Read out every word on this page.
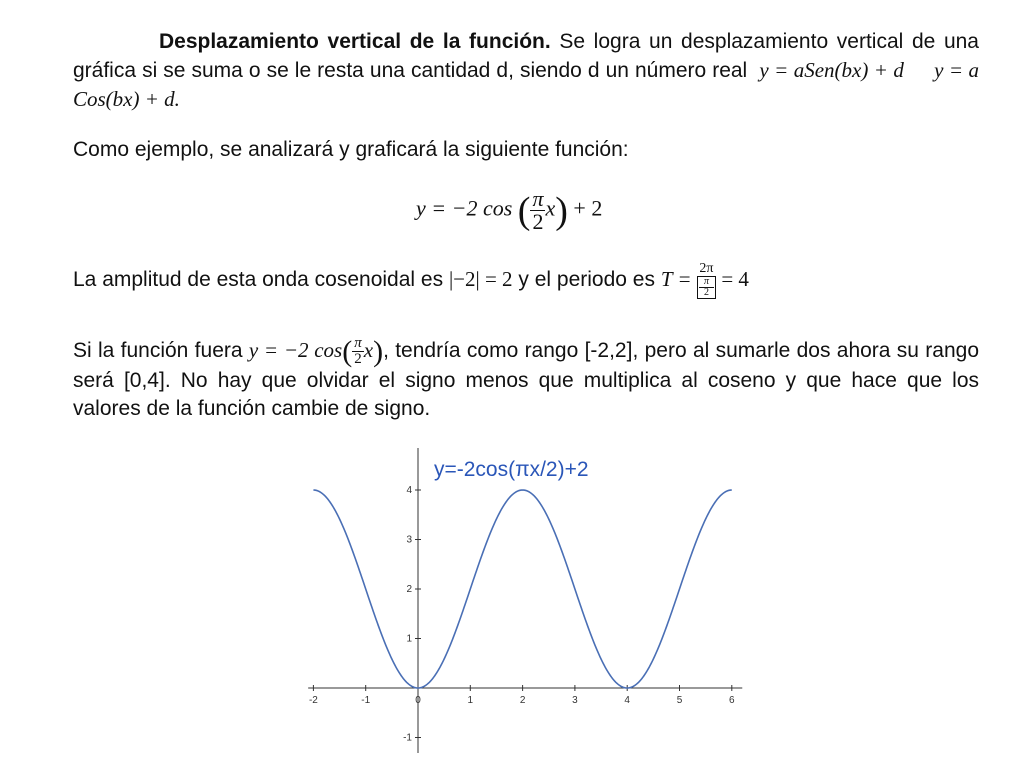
Desplazamiento vertical de la función. Se logra un desplazamiento vertical de una gráfica si se suma o se le resta una cantidad d, siendo d un número real y = aSen(bx) + d y = a Cos(bx) + d.

Como ejemplo, se analizará y graficará la siguiente función:

y = −2 cos ( $\frac{\pi}{2} x) + 2$

La amplitud de esta onda cosenoidal es |−2| = 2 y el periodo es T = 2π
π
2 = 4

Si la función fuera y = −2 $\cos( \frac{\pi}{2} x)$, tendría como rango [-2,2], pero al sumarle dos ahora su rango será [0,4]. No hay que olvidar el signo menos que multiplica al coseno y que hace que los valores de la función cambie de signo.

-2	-1	0	1	2	3	4	5	6
-1
1
2
3
4
y=-2cos(πx/2)+2
